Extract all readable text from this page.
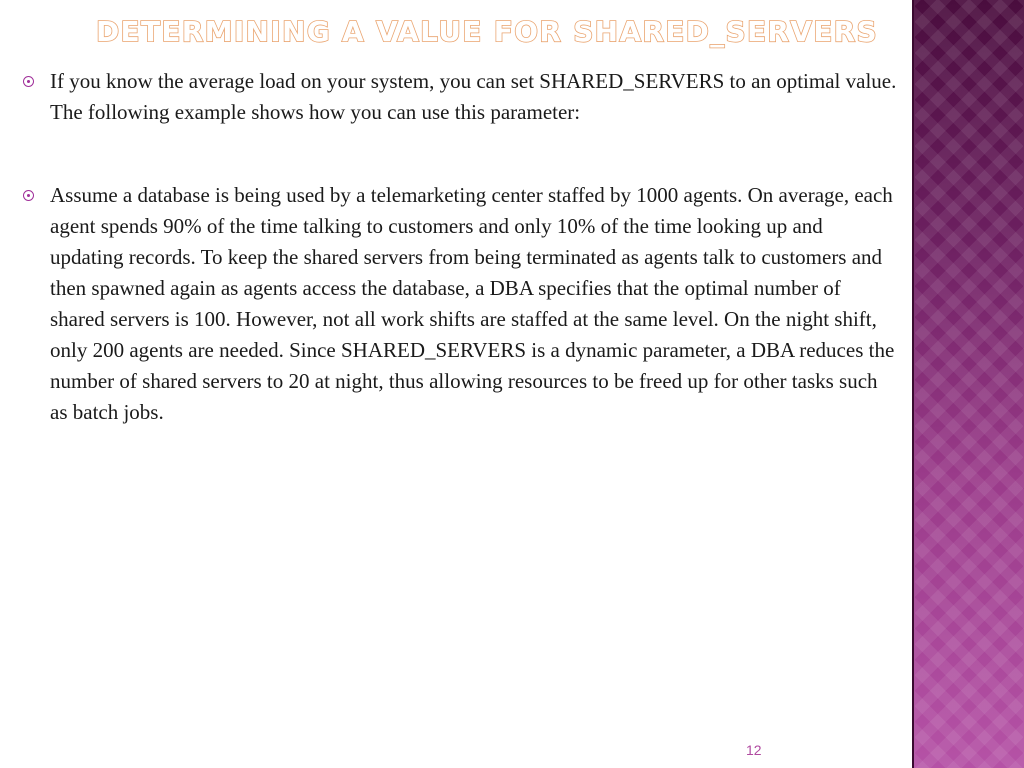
DETERMINING A VALUE FOR SHARED_SERVERS
If you know the average load on your system, you can set SHARED_SERVERS to an optimal value. The following example shows how you can use this parameter:
Assume a database is being used by a telemarketing center staffed by 1000 agents. On average, each agent spends 90% of the time talking to customers and only 10% of the time looking up and updating records. To keep the shared servers from being terminated as agents talk to customers and then spawned again as agents access the database, a DBA specifies that the optimal number of shared servers is 100. However, not all work shifts are staffed at the same level. On the night shift, only 200 agents are needed. Since SHARED_SERVERS is a dynamic parameter, a DBA reduces the number of shared servers to 20 at night, thus allowing resources to be freed up for other tasks such as batch jobs.
12
